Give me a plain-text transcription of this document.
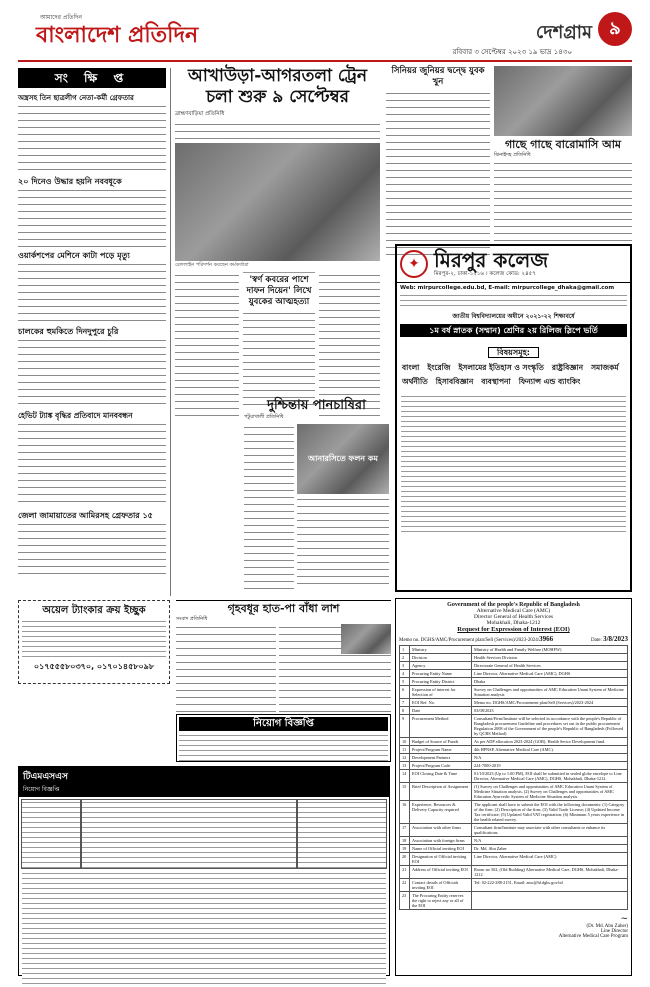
আমাদের প্রতিদিন
বাংলাদেশ প্রতিদিন	দেশগ্রাম
রবিবার ৩ সেপ্টেম্বর ২০২৩ ১৯ ভাদ্র ১৪৩০
৯
সং ক্ষি প্ত
অস্ত্রসহ তিন ছাত্রলীগ নেতা-কর্মী গ্রেফতার
২০ দিনেও উদ্ধার হয়নি নববধূকে
ওয়ার্কশপের মেশিনে কাটা পড়ে মৃত্যু
চালকের হুমকিতে দিনদুপুরে চুরি
হেভিট ট্যাঙ্ক বৃদ্ধির প্রতিবাদে মানববন্ধন
জেলা জামায়াতের আমিরসহ গ্রেফতার ১৫
আখাউড়া-আগরতলা ট্রেন চলা শুরু ৯ সেপ্টেম্বর
ব্রাহ্মণবাড়িয়া প্রতিনিধি
রেললাইন পরিদর্শন করছেন কর্মকর্তারা
'স্বর্ণ কবরের পাশে দাফন দিয়েন' লিখে যুবকের আত্মহত্যা
সিনিয়র জুনিয়র দ্বন্দ্বে যুবক খুন
গাছে গাছে বারোমাসি আম
ঝিনাইদহ প্রতিনিধি
দুশ্চিন্তায় পানচাষিরা
পটুয়াখালী প্রতিনিধি
আনারসিতে ফলন কম
✦ মিরপুর কলেজ
মিরপুর-২, ঢাকা-১২১৬ । কলেজ কোড: ২৪৫৭
Web: mirpurcollege.edu.bd, E-mail: mirpurcollege_dhaka@gmail.com
জাতীয় বিশ্ববিদ্যালয়ের অধীনে ২০২১-২২ শিক্ষাবর্ষে
১ম বর্ষ স্নাতক (সম্মান) শ্রেণির ২য় রিলিজ স্লিপে ভর্তি
বিষয়সমূহ:
বাংলা ইংরেজি ইসলামের ইতিহাস ও সংস্কৃতি রাষ্ট্রবিজ্ঞান সমাজকর্ম
অর্থনীতি হিসাববিজ্ঞান ব্যবস্থাপনা ফিন্যান্স এন্ড ব্যাংকিং
গৃহবধূর হাত-পা বাঁধা লাশ
সংবাদ প্রতিনিধি
অয়েল ট্যাংকার ক্রয় ইচ্ছুক
০১৭৫৫৫৮০৩৭০, ০১৭০১৪৫৮০৯৮
নিয়োগ বিজ্ঞপ্তি
টিএমএসএস
নিয়োগ বিজ্ঞপ্তি
Government of the people's Republic of Bangladesh
Alternative Medical Care (AMC)
Director General of Health Services
Mohakhali, Dhaka-1212
Request for Expression of Interest (EOI)
Memo no. DGHS/AMC/Procurement plan/Sell (Services)/2023-2024/3966	Date: 3/8/2023
1	Ministry	Ministry of Health and Family Welfare (MOHFW)
2	Division	Health Services Division
3	Agency	Directorate General of Health Services
4	Procuring Entity Name	Line Director, Alternative Medical Care (AMC), DGHS
5	Procuring Entity District	Dhaka
6	Expression of interest for Selection of	Survey on Challenges and opportunities of AMC Education Unani System of Medicine Situation analysis
7	EOI Ref. No.	Memo no. DGHS/AMC/Procurement plan/Sell (Services)/2023-2024
8	Date	03/08/2023
9	Procurement Method	Consultant/Firm/Institute will be selected in accordance with the people's Republic of Bangladesh procurement Guideline and procedures set out in the public procurement Regulation 2008 of the Government of the people's Republic of Bangladesh (Followed by QCBS Method)
10	Budget of Source of Funds	As per ADP allocation 2023-2024 (GOB), Health Sector Development fund.
11	Project/Program Name	4th HPNSP, Alternative Medical Care (AMC).
12	Development Partners	N/A
13	Project/Program Code	224-7000-2019
14	EOI Closing Date & Time	01/10/2023 (Up to 1:00 PM), EOI shall be submitted in sealed globe envelope to Line Director, Alternative Medical Care (AMC), DGHS, Mohakhali, Dhaka-1212.
15	Brief Description of Assignment	(1) Survey on Challenges and opportunities of AMC Education Unani System of Medicine Situation analysis. (2) Survey on Challenges and opportunities of AMC Education Ayurvedic System of Medicine Situation analysis.
16	Experience, Resources & Delivery Capacity required	The applicant shall have to submit the EOI with the following documents: (1) Category of the firm; (2) Description of the firm; (3) Valid Trade License; (4) Updated Income Tax certificate; (5) Updated Valid VAT registration; (6) Minimum 5 years experience in the health related survey.
17	Association with other firms	Consultant firm/Institute may associate with other consultants to enhance its qualifications.
18	Association with foreign firms	N/A
19	Name of Official inviting EOI	Dr. Md. Abu Zaher
20	Designation of Official inviting EOI	Line Director, Alternative Medical Care (AMC)
21	Address of Official inviting EOI	Room no 502, (Old Building) Alternative Medical Care, DGHS, Mohakhali, Dhaka-1212
22	Contact details of Officials inviting EOI	Tel: 02-222-288-2151, Email: amc@ld.dghs.gov.bd
23	The Procuring Entity reserves the right to reject any or all of the EOI	
~
(Dr. Md. Abu Zaher)
Line Director
Alternative Medical Care Program
